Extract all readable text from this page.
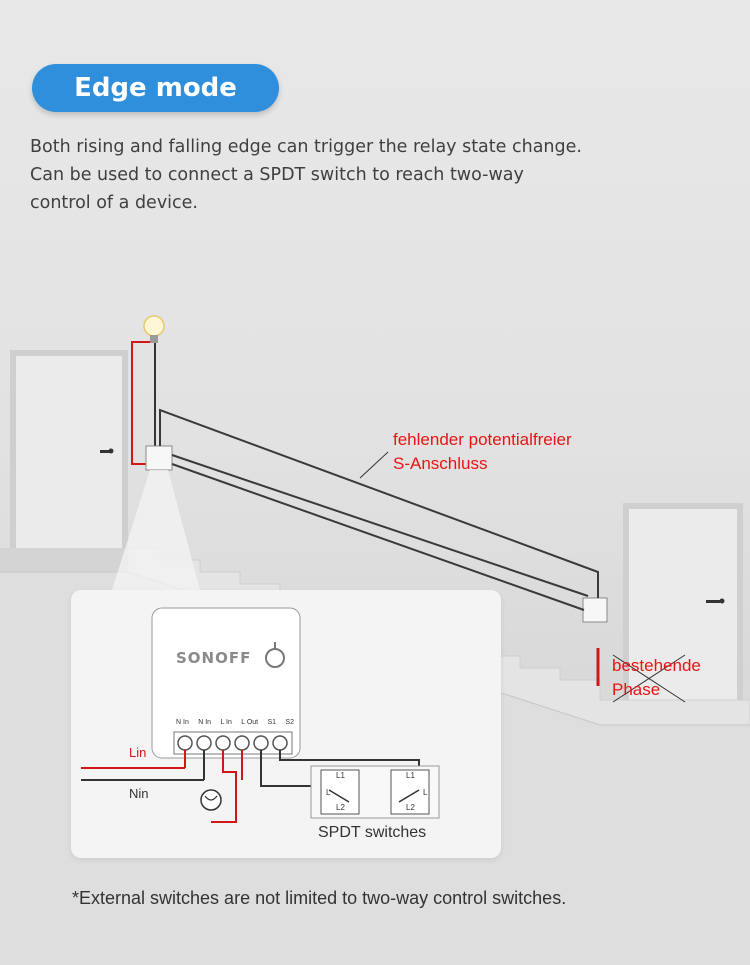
Edge mode

Both rising and falling edge can trigger the relay state change. Can be used to connect a SPDT switch to reach two-way control of a device.

fehlender potentialfreier
S-Anschluss
bestehende
Phase
SONOFF
N In N In L In L Out S1 S2
Lin
Nin
L1
L2
L
L1
L2
L
SPDT switches
*External switches are not limited to two-way control switches.
